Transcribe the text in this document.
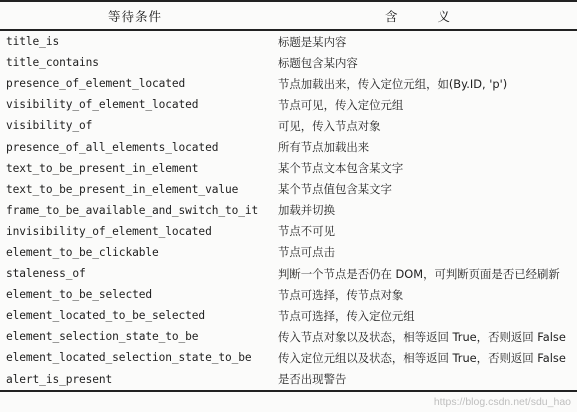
等待条件	含 义
title_is	标题是某内容
title_contains	标题包含某内容
presence_of_element_located	节点加载出来，传入定位元组，如(By.ID, 'p')
visibility_of_element_located	节点可见，传入定位元组
visibility_of	可见，传入节点对象
presence_of_all_elements_located	所有节点加载出来
text_to_be_present_in_element	某个节点文本包含某文字
text_to_be_present_in_element_value	某个节点值包含某文字
frame_to_be_available_and_switch_to_it	加载并切换
invisibility_of_element_located	节点不可见
element_to_be_clickable	节点可点击
staleness_of	判断一个节点是否仍在 DOM，可判断页面是否已经刷新
element_to_be_selected	节点可选择，传节点对象
element_located_to_be_selected	节点可选择，传入定位元组
element_selection_state_to_be	传入节点对象以及状态，相等返回 True，否则返回 False
element_located_selection_state_to_be	传入定位元组以及状态，相等返回 True，否则返回 False
alert_is_present	是否出现警告
https://blog.csdn.net/sdu_hao
